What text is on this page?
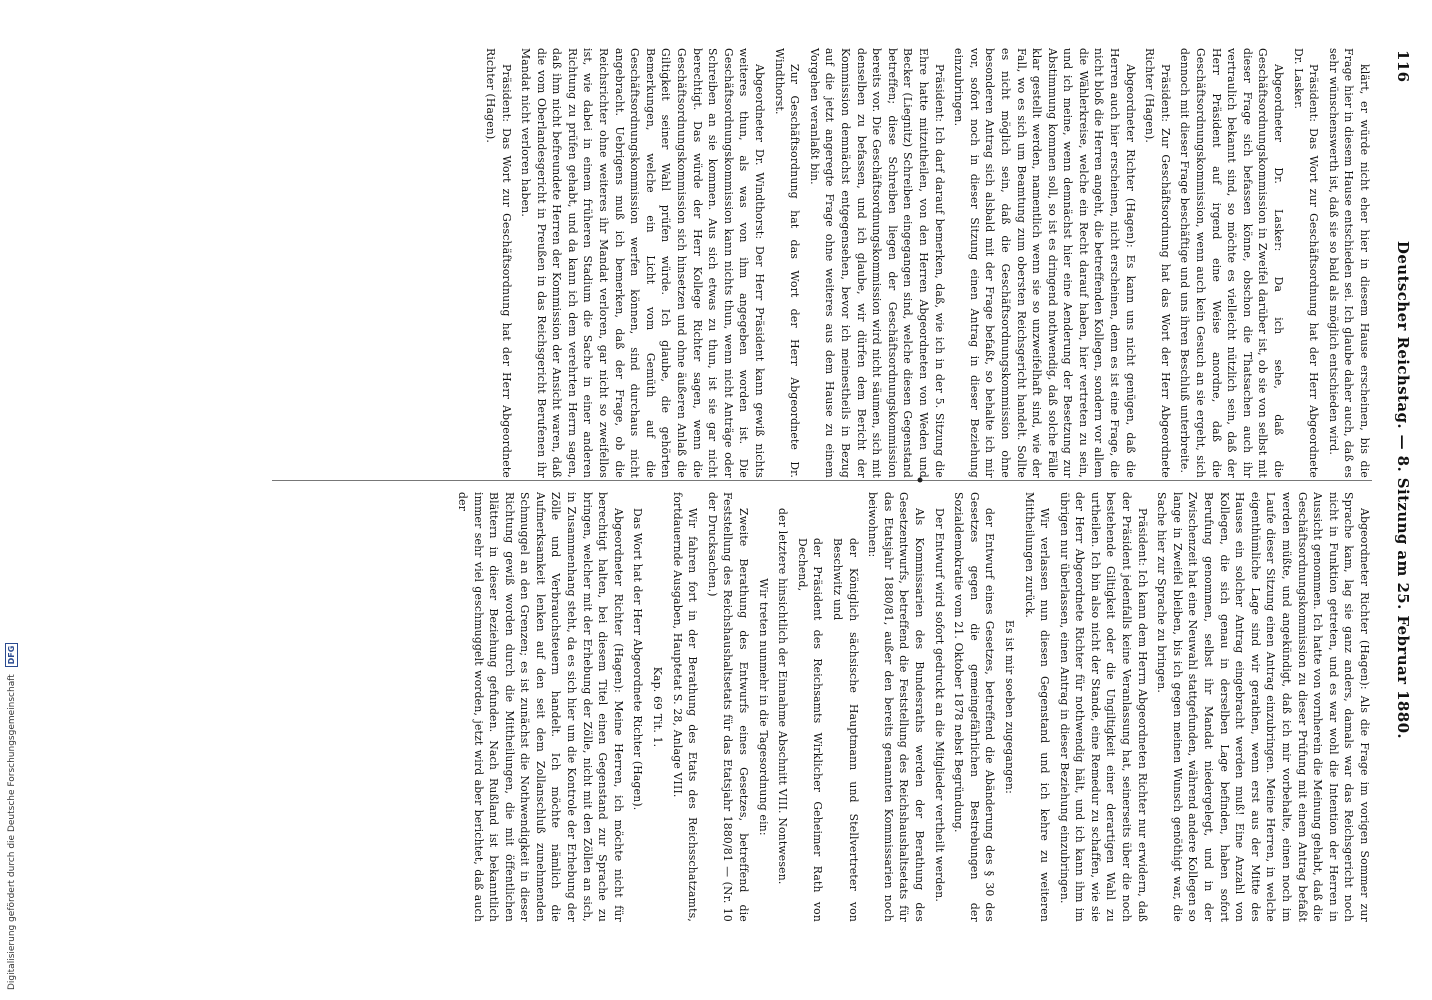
116
Deutscher Reichstag. — 8. Sitzung am 25. Februar 1880.

klärt, er würde nicht eher hier in diesem Hause erscheinen, bis die Frage hier in diesem Hause entschieden sei. Ich glaube daher auch, daß es sehr wünschenswerth ist, daß sie so bald als möglich entschieden wird.

Präsident: Das Wort zur Geschäftsordnung hat der Herr Abgeordnete Dr. Lasker.

Abgeordneter Dr. Lasker: Da ich sehe, daß die Geschäftsordnungskommission in Zweifel darüber ist, ob sie von selbst mit dieser Frage sich befassen könne, obschon die Thatsachen auch ihr vertraulich bekannt sind, so möchte es vielleicht nützlich sein, daß der Herr Präsident auf irgend eine Weise anordne, daß die Geschäftsordnungskommission, wenn auch kein Gesuch an sie ergeht, sich dennoch mit dieser Frage beschäftige und uns ihren Beschluß unterbreite.

Präsident: Zur Geschäftsordnung hat das Wort der Herr Abgeordnete Richter (Hagen).

Abgeordneter Richter (Hagen): Es kann uns nicht genügen, daß die Herren auch hier erscheinen, nicht erscheinen, denn es ist eine Frage, die nicht bloß die Herren angeht, die betreffenden Kollegen, sondern vor allem die Wählerkreise, welche ein Recht darauf haben, hier vertreten zu sein, und ich meine, wenn demnächst hier eine Aenderung der Besetzung zur Abstimmung kommen soll, so ist es dringend nothwendig, daß solche Fälle klar gestellt werden, namentlich wenn sie so unzweifelhaft sind, wie der Fall, wo es sich um Beamtung zum obersten Reichsgericht handelt. Sollte es nicht möglich sein, daß die Geschäftsordnungskommission ohne besonderen Antrag sich alsbald mit der Frage befaßt, so behalte ich mir vor, sofort noch in dieser Sitzung einen Antrag in dieser Beziehung einzubringen.

Präsident: Ich darf darauf bemerken, daß, wie ich in der 5. Sitzung die Ehre hatte mitzutheilen, von den Herren Abgeordneten von Weden und Becker (Liegnitz) Schreiben eingegangen sind, welche diesen Gegenstand betreffen; diese Schreiben liegen der Geschäftsordnungskommission bereits vor. Die Geschäftsordnungskommission wird nicht säumen, sich mit denselben zu befassen, und ich glaube, wir dürfen dem Bericht der Kommission demnächst entgegensehen, bevor ich meinestheils in Bezug auf die jetzt angeregte Frage ohne weiteres aus dem Hause zu einem Vorgehen veranlaßt bin.

Zur Geschäftsordnung hat das Wort der Herr Abgeordnete Dr. Windthorst.

Abgeordneter Dr. Windthorst: Der Herr Präsident kann gewiß nichts weiteres thun, als was von ihm angegeben worden ist. Die Geschäftsordnungskommission kann nichts thun, wenn nicht Anträge oder Schreiben an sie kommen. Aus sich etwas zu thun, ist sie gar nicht berechtigt. Das würde der Herr Kollege Richter sagen, wenn die Geschäftsordnungskommission sich hinsetzen und ohne äußeren Anlaß die Giltigkeit seiner Wahl prüfen würde. Ich glaube, die gehörten Bemerkungen, welche ein Licht vom Gemüth auf die Geschäftsordnungskommission werfen können, sind durchaus nicht angebracht. Uebrigens muß ich bemerken, daß der Frage, ob die Reichsrichter ohne weiteres ihr Mandat verloren, gar nicht so zweifellos ist, wie dabei in einem früheren Stadium die Sache in einer anderen Richtung zu prüfen gehabt, und da kann ich dem verehrten Herrn sagen, daß ihm nicht befreundete Herren der Kommission der Ansicht waren, daß die vom Oberlandesgericht in Preußen in das Reichsgericht Berufenen ihr Mandat nicht verloren haben.

Präsident: Das Wort zur Geschäftsordnung hat der Herr Abgeordnete Richter (Hagen).

Abgeordneter Richter (Hagen): Als die Frage im vorigen Sommer zur Sprache kam, lag sie ganz anders, damals war das Reichsgericht noch nicht in Funktion getreten, und es war wohl die Intention der Herren in Aussicht genommen. Ich hatte von vornherein die Meinung gehabt, daß die Geschäftsordnungskommission zu dieser Prüfung mit einem Antrag befaßt werden müßte, und angekündigt, daß ich mir vorbehalte, einen noch im Laufe dieser Sitzung einen Antrag einzubringen. Meine Herren, in welche eigenthümliche Lage sind wir gerathen, wenn erst aus der Mitte des Hauses ein solcher Antrag eingebracht werden muß! Eine Anzahl von Kollegen, die sich genau in derselben Lage befinden, haben sofort Berufung genommen, selbst ihr Mandat niedergelegt, und in der Zwischenzeit hat eine Neuwahl stattgefunden, während andere Kollegen so lange in Zweifel bleiben, bis ich gegen meinen Wunsch genöthigt war, die Sache hier zur Sprache zu bringen.

Präsident: Ich kann dem Herrn Abgeordneten Richter nur erwidern, daß der Präsident jedenfalls keine Veranlassung hat, seinerseits über die noch bestehende Giltigkeit oder die Ungiltigkeit einer derartigen Wahl zu urtheilen. Ich bin also nicht der Stande, eine Remedur zu schaffen, wie sie der Herr Abgeordnete Richter für nothwendig hält, und ich kann ihm im übrigen nur überlassen, einen Antrag in dieser Beziehung einzubringen.

Wir verlassen nun diesen Gegenstand und ich kehre zu weiteren Mittheilungen zurück.

Es ist mir soeben zugegangen:

der Entwurf eines Gesetzes, betreffend die Abänderung des § 30 des Gesetzes gegen die gemeingefährlichen Bestrebungen der Sozialdemokratie vom 21. Oktober 1878 nebst Begründung.

Der Entwurf wird sofort gedruckt an die Mitglieder vertheilt werden.

Als Kommissarien des Bundesraths werden der Berathung des Gesetzentwurfs, betreffend die Feststellung des Reichshaushaltsetats für das Etatsjahr 1880/81, außer den bereits genannten Kommissarien noch beiwohnen:

der Königlich sächsische Hauptmann und Stellvertreter von Beschwitz und

der Präsident des Reichsamts Wirklicher Geheimer Rath von Dechend,

der letztere hinsichtlich der Einnahme Abschnitt VIII. Nontwesen.

Wir treten nunmehr in die Tagesordnung ein:

Zweite Berathung des Entwurfs eines Gesetzes, betreffend die Feststellung des Reichshaushaltsetats für das Etatsjahr 1880/81 — (Nr. 10 der Drucksachen.)

Wir fahren fort in der Berathung des Etats des Reichsschatzamts, fortdauernde Ausgaben, Hauptetat S. 28, Anlage VIII.

Kap. 69 Tit. 1.

Das Wort hat der Herr Abgeordnete Richter (Hagen).

Abgeordneter Richter (Hagen): Meine Herren, ich möchte nicht für berechtigt halten, bei diesem Titel einen Gegenstand zur Sprache zu bringen, welcher mit der Erhebung der Zölle, nicht mit den Zöllen an sich, in Zusammenhang steht, da es sich hier um die Kontrole der Erhebung der Zölle und Verbrauchsteuern handelt. Ich möchte nämlich die Aufmerksamkeit lenken auf den seit dem Zollanschluß zunehmenden Schmuggel an den Grenzen; es ist zunächst die Nothwendigkeit in dieser Richtung gewiß worden durch die Mittheilungen, die mit öffentlichen Blättern in dieser Beziehung gefunden. Nach Rußland ist bekanntlich immer sehr viel geschmuggelt worden, jetzt wird aber berichtet, daß auch der

Digitalisierung gefördert durch die Deutsche Forschungsgemeinschaft DFG
